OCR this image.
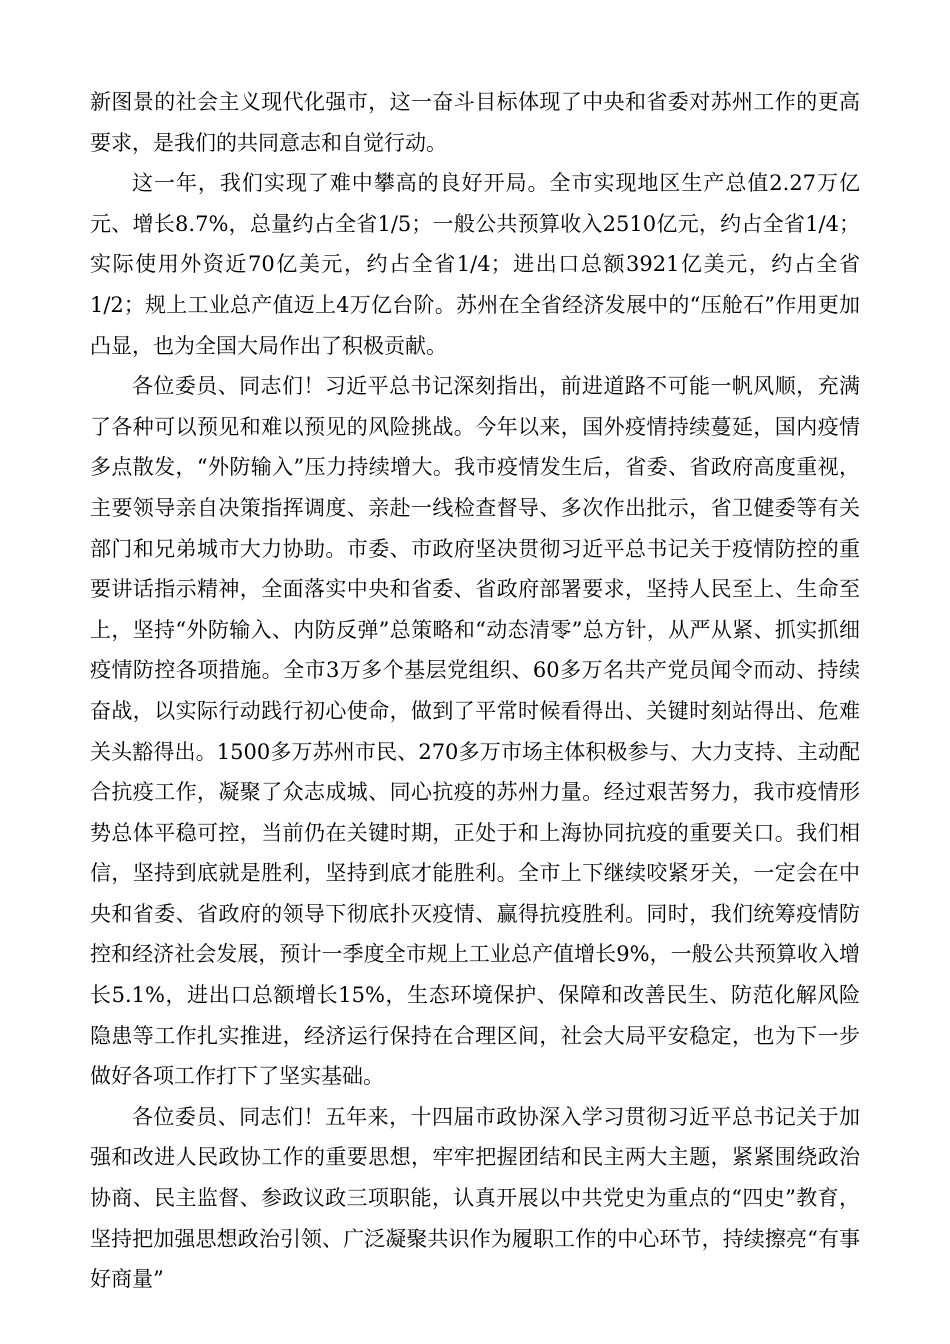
新图景的社会主义现代化强市，这一奋斗目标体现了中央和省委对苏州工作的更高要求，是我们的共同意志和自觉行动。

这一年，我们实现了难中攀高的良好开局。全市实现地区生产总值2.27万亿元、增长8.7%，总量约占全省1/5；一般公共预算收入2510亿元，约占全省1/4；实际使用外资近70亿美元，约占全省1/4；进出口总额3921亿美元，约占全省1/2；规上工业总产值迈上4万亿台阶。苏州在全省经济发展中的“压舱石”作用更加凸显，也为全国大局作出了积极贡献。

各位委员、同志们！习近平总书记深刻指出，前进道路不可能一帆风顺，充满了各种可以预见和难以预见的风险挑战。今年以来，国外疫情持续蔓延，国内疫情多点散发，“外防输入”压力持续增大。我市疫情发生后，省委、省政府高度重视，主要领导亲自决策指挥调度、亲赴一线检查督导、多次作出批示，省卫健委等有关部门和兄弟城市大力协助。市委、市政府坚决贯彻习近平总书记关于疫情防控的重要讲话指示精神，全面落实中央和省委、省政府部署要求，坚持人民至上、生命至上，坚持“外防输入、内防反弹”总策略和“动态清零”总方针，从严从紧、抓实抓细疫情防控各项措施。全市3万多个基层党组织、60多万名共产党员闻令而动、持续奋战，以实际行动践行初心使命，做到了平常时候看得出、关键时刻站得出、危难关头豁得出。1500多万苏州市民、270多万市场主体积极参与、大力支持、主动配合抗疫工作，凝聚了众志成城、同心抗疫的苏州力量。经过艰苦努力，我市疫情形势总体平稳可控，当前仍在关键时期，正处于和上海协同抗疫的重要关口。我们相信，坚持到底就是胜利，坚持到底才能胜利。全市上下继续咬紧牙关，一定会在中央和省委、省政府的领导下彻底扑灭疫情、赢得抗疫胜利。同时，我们统筹疫情防控和经济社会发展，预计一季度全市规上工业总产值增长9%，一般公共预算收入增长5.1%，进出口总额增长15%，生态环境保护、保障和改善民生、防范化解风险隐患等工作扎实推进，经济运行保持在合理区间，社会大局平安稳定，也为下一步做好各项工作打下了坚实基础。

各位委员、同志们！五年来，十四届市政协深入学习贯彻习近平总书记关于加强和改进人民政协工作的重要思想，牢牢把握团结和民主两大主题，紧紧围绕政治协商、民主监督、参政议政三项职能，认真开展以中共党史为重点的“四史”教育，坚持把加强思想政治引领、广泛凝聚共识作为履职工作的中心环节，持续擦亮“有事好商量”
